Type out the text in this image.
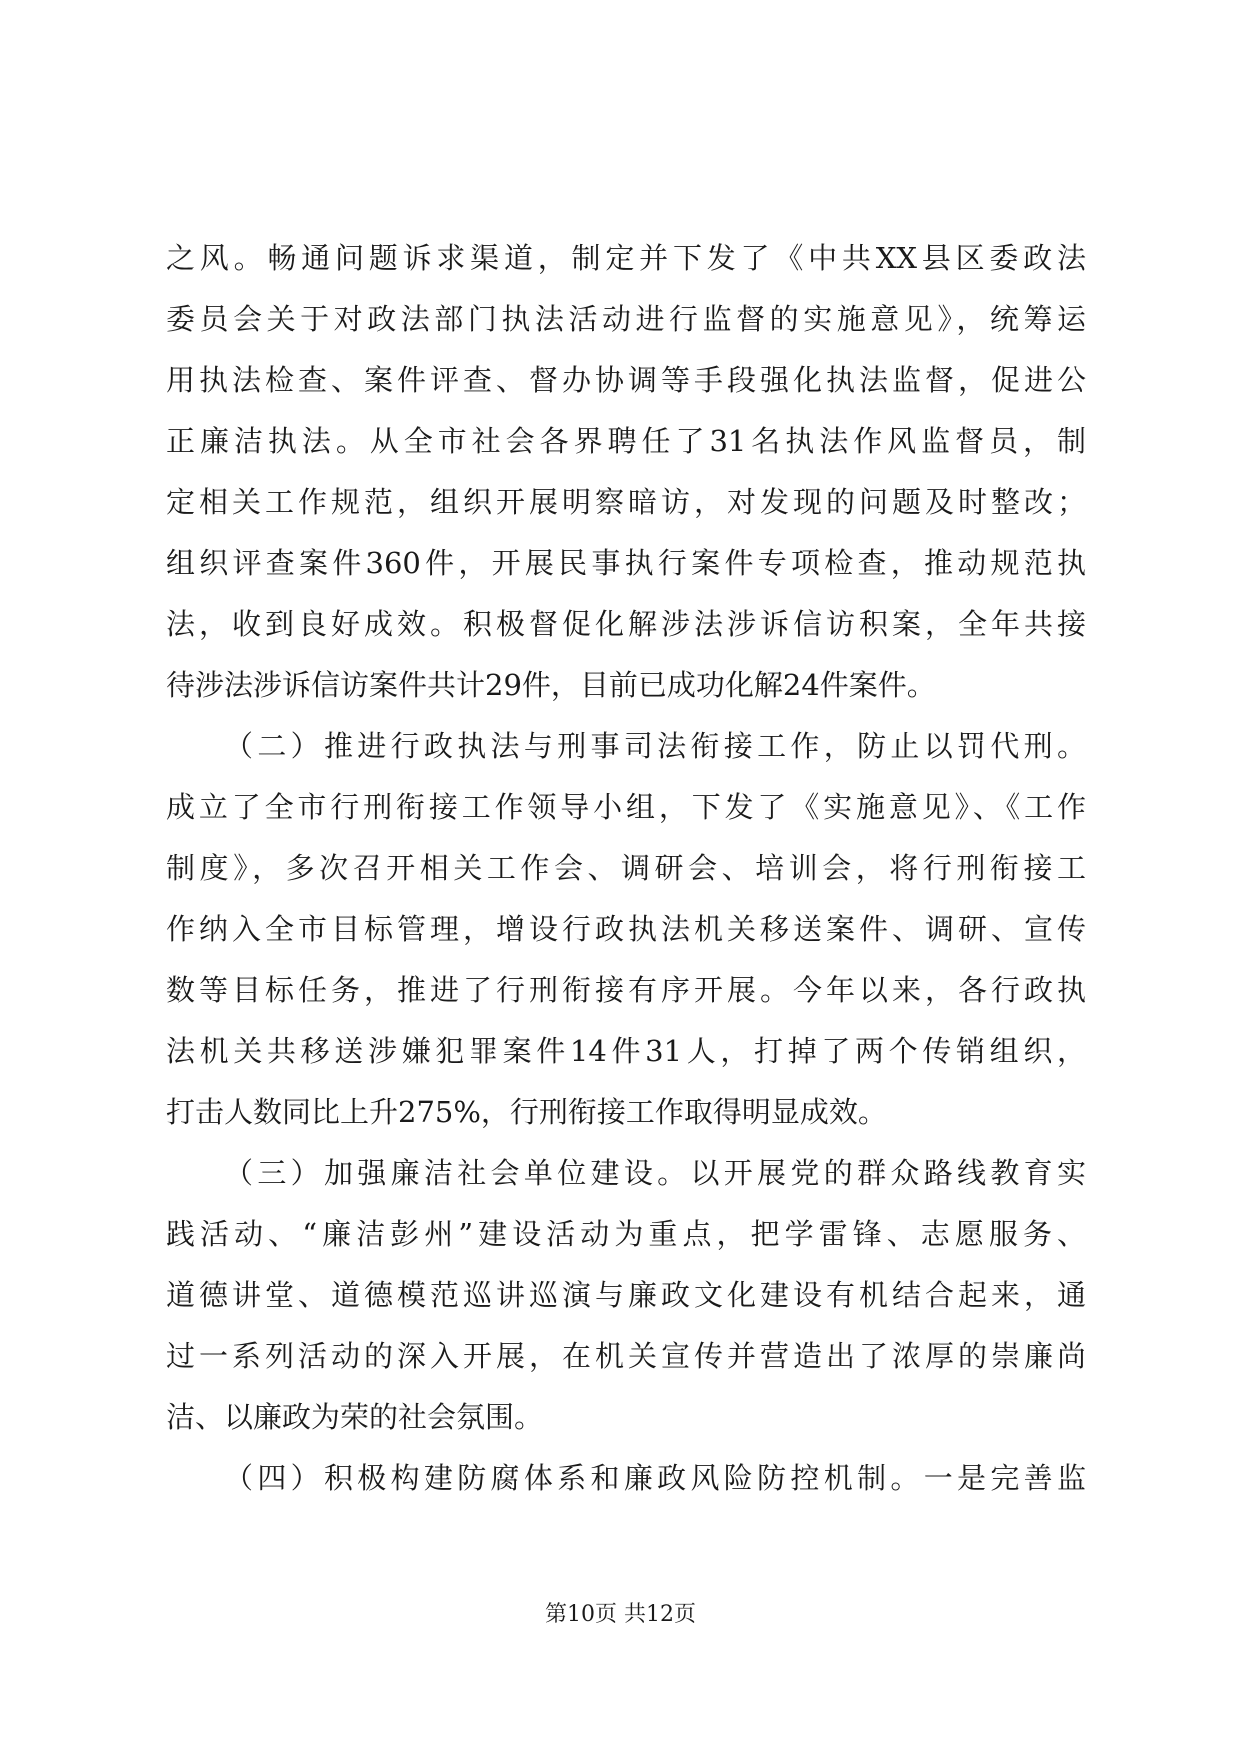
之风。畅通问题诉求渠道，制定并下发了《中共XX县区委政法
委员会关于对政法部门执法活动进行监督的实施意见》，统筹运
用执法检查、案件评查、督办协调等手段强化执法监督，促进公
正廉洁执法。从全市社会各界聘任了31名执法作风监督员，制
定相关工作规范，组织开展明察暗访，对发现的问题及时整改；
组织评查案件360件，开展民事执行案件专项检查，推动规范执
法，收到良好成效。积极督促化解涉法涉诉信访积案，全年共接
待涉法涉诉信访案件共计29件，目前已成功化解24件案件。
（二）推进行政执法与刑事司法衔接工作，防止以罚代刑。
成立了全市行刑衔接工作领导小组，下发了《实施意见》、《工作
制度》，多次召开相关工作会、调研会、培训会，将行刑衔接工
作纳入全市目标管理，增设行政执法机关移送案件、调研、宣传
数等目标任务，推进了行刑衔接有序开展。今年以来，各行政执
法机关共移送涉嫌犯罪案件14件31人，打掉了两个传销组织，
打击人数同比上升275%，行刑衔接工作取得明显成效。
（三）加强廉洁社会单位建设。以开展党的群众路线教育实
践活动、“廉洁彭州”建设活动为重点，把学雷锋、志愿服务、
道德讲堂、道德模范巡讲巡演与廉政文化建设有机结合起来，通
过一系列活动的深入开展，在机关宣传并营造出了浓厚的崇廉尚
洁、以廉政为荣的社会氛围。
（四）积极构建防腐体系和廉政风险防控机制。一是完善监
第10页 共12页
